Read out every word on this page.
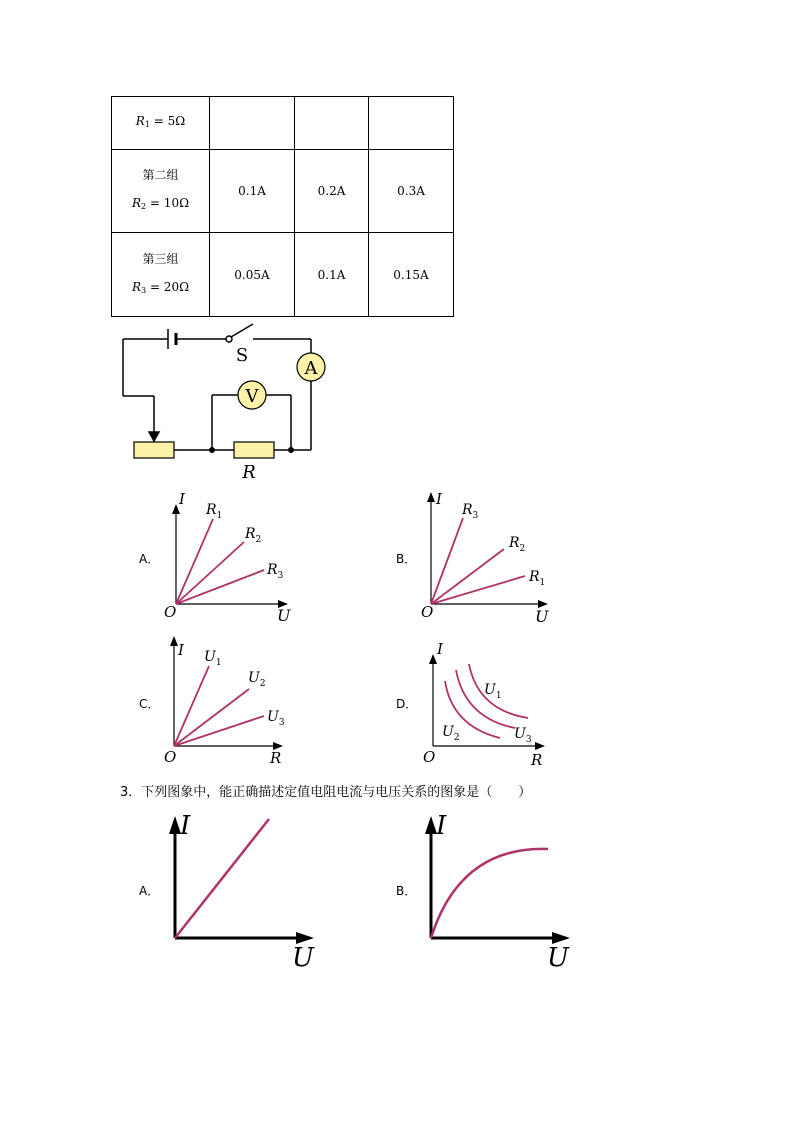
$R_1 = 5\Omega$			

第二组
$R_2 = 10\Omega$	0.1A	0.2A	0.3A

第三组
$R_3 = 20\Omega$	0.05A	0.1A	0.15A
A
V
S
R
I
U
O
$R_1$
$R_2$
$R_3$
I
U
O
$R_3$
$R_2$
$R_1$
I
R
O
$U_1$
$U_2$
$U_3$
I
R
O
$U_1$
$U_2$	$U_3$
I
U
I
U
A．	B．
C．	D．
3．下列图象中，能正确描述定值电阻电流与电压关系的图象是（　　）
A．	B．
